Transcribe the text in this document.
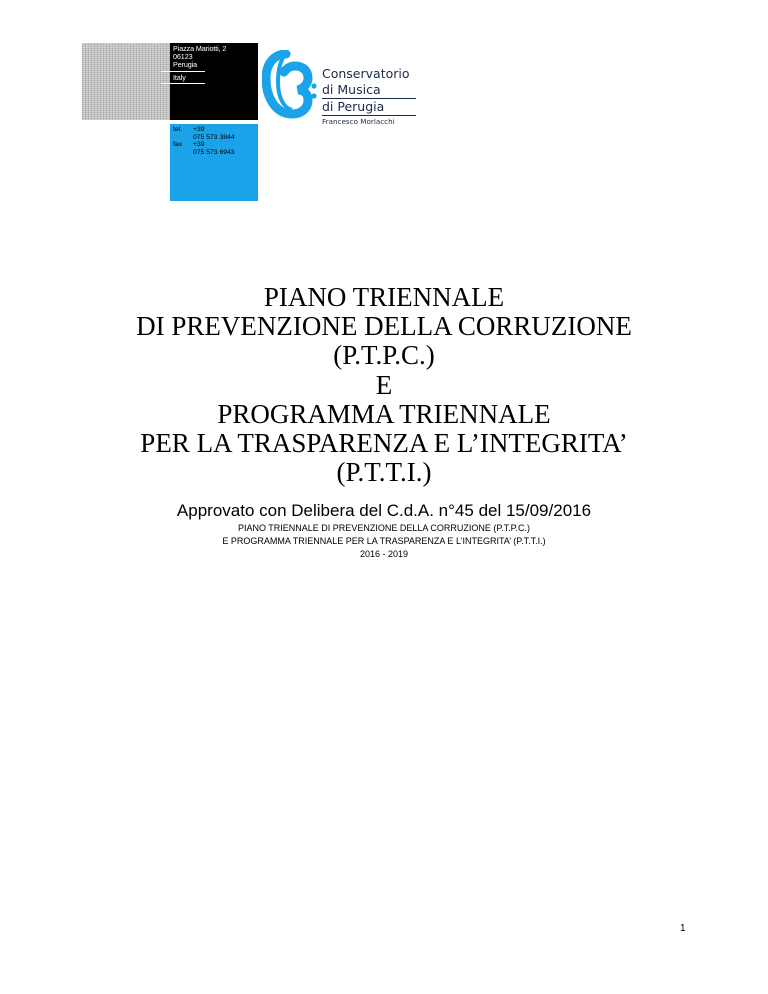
Piazza Mariotti, 2
06123
Perugia
Italy
tel.	+39
075 573 3844
fax	+39
075 573 6943
Conservatorio
di Musica
di Perugia
Francesco Morlacchi
PIANO TRIENNALE
DI PREVENZIONE DELLA CORRUZIONE
(P.T.P.C.)
E
PROGRAMMA TRIENNALE
PER LA TRASPARENZA E L’INTEGRITA’
(P.T.T.I.)
Approvato con Delibera del C.d.A. n°45 del 15/09/2016
PIANO TRIENNALE DI PREVENZIONE DELLA CORRUZIONE (P.T.P.C.)
E PROGRAMMA TRIENNALE PER LA TRASPARENZA E L’INTEGRITA’ (P.T.T.I.)
2016 - 2019
1
